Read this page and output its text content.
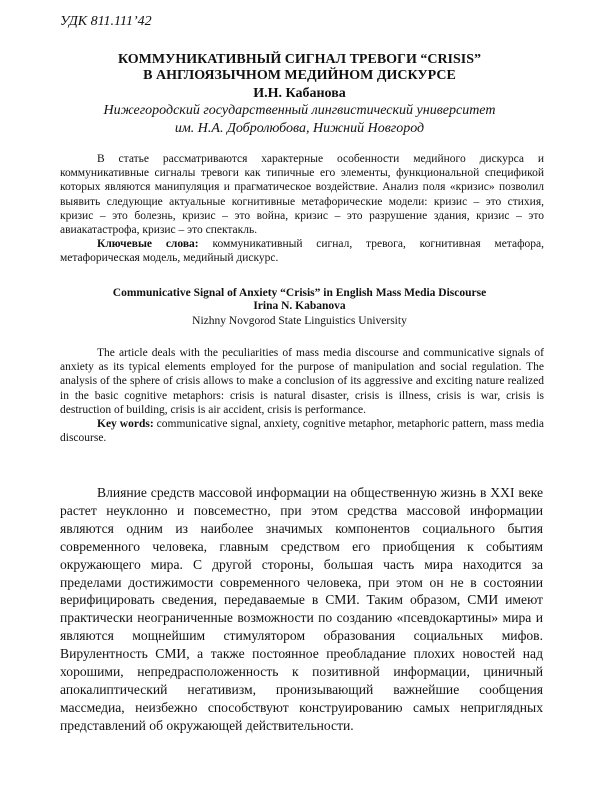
УДК 811.111’42
КОММУНИКАТИВНЫЙ СИГНАЛ ТРЕВОГИ “CRISIS”
В АНГЛОЯЗЫЧНОМ МЕДИЙНОМ ДИСКУРСЕ
И.Н. Кабанова
Нижегородский государственный лингвистический университет
им. Н.А. Добролюбова, Нижний Новгород

В статье рассматриваются характерные особенности медийного дискурса и коммуникативные сигналы тревоги как типичные его элементы, функциональной спецификой которых являются манипуляция и прагматическое воздействие. Анализ поля «кризис» позволил выявить следующие актуальные когнитивные метафорические модели: кризис – это стихия, кризис – это болезнь, кризис – это война, кризис – это разрушение здания, кризис – это авиакатастрофа, кризис – это спектакль.

Ключевые слова: коммуникативный сигнал, тревога, когнитивная метафора, метафорическая модель, медийный дискурс.

Communicative Signal of Anxiety “Crisis” in English Mass Media Discourse
Irina N. Kabanova
Nizhny Novgorod State Linguistics University

The article deals with the peculiarities of mass media discourse and communicative signals of anxiety as its typical elements employed for the purpose of manipulation and social regulation. The analysis of the sphere of crisis allows to make a conclusion of its aggressive and exciting nature realized in the basic cognitive metaphors: crisis is natural disaster, crisis is illness, crisis is war, crisis is destruction of building, crisis is air accident, crisis is performance.

Key words: communicative signal, anxiety, cognitive metaphor, metaphoric pattern, mass media discourse.

Влияние средств массовой информации на общественную жизнь в XXI веке растет неуклонно и повсеместно, при этом средства массовой информации являются одним из наиболее значимых компонентов социального бытия современного человека, главным средством его приобщения к событиям окружающего мира. С другой стороны, большая часть мира находится за пределами достижимости современного человека, при этом он не в состоянии верифицировать сведения, передаваемые в СМИ. Таким образом, СМИ имеют практически неограниченные возможности по созданию «псевдокартины» мира и являются мощнейшим стимулятором образования социальных мифов. Вирулентность СМИ, а также постоянное преобладание плохих новостей над хорошими, непредрасположенность к позитивной информации, циничный апокалиптический негативизм, пронизывающий важнейшие сообщения массмедиа, неизбежно способствуют конструированию самых неприглядных представлений об окружающей действительности.
